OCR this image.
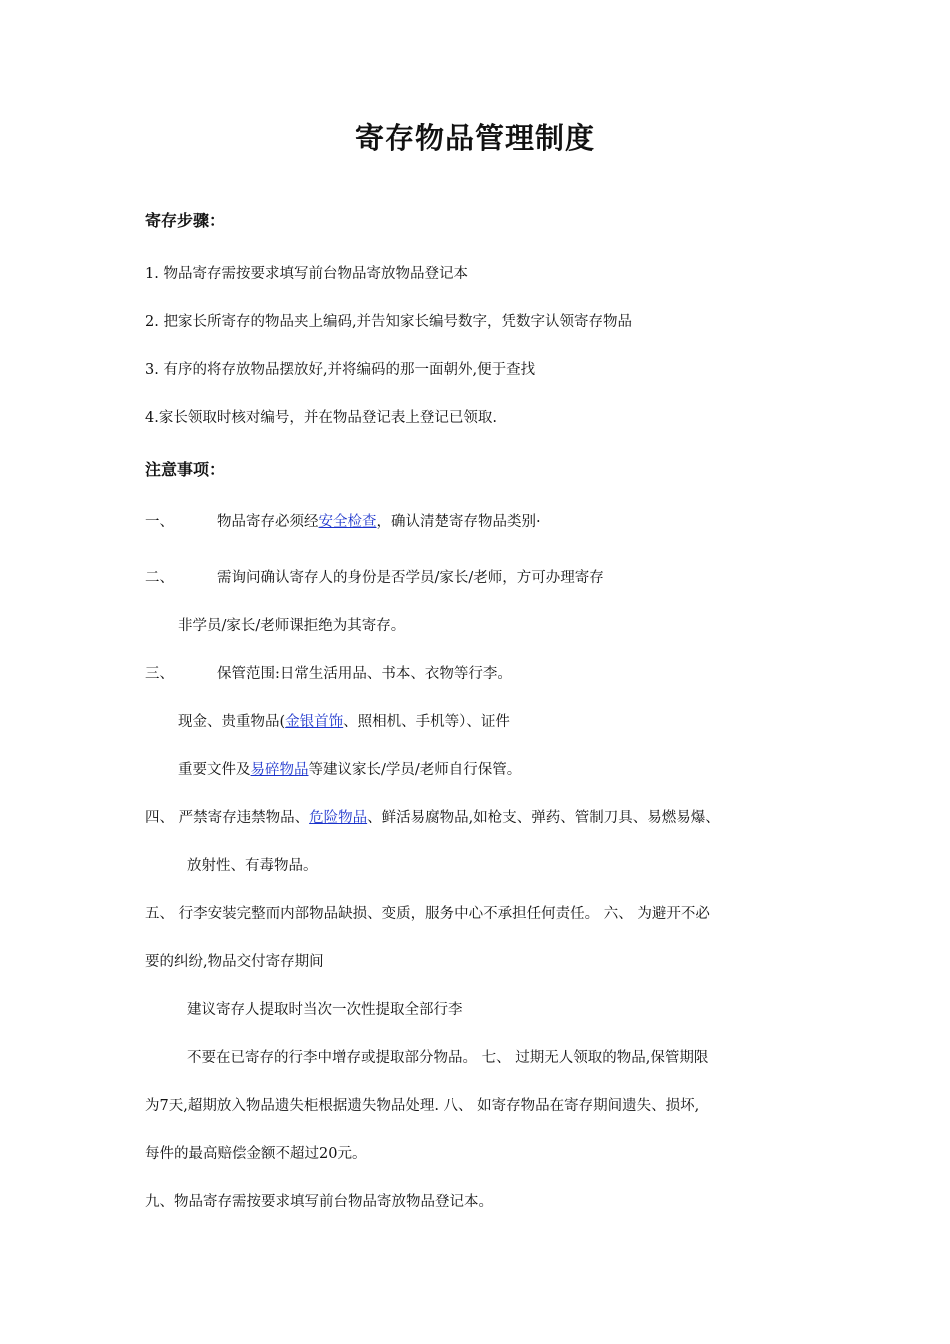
寄存物品管理制度
寄存步骤：

1. 物品寄存需按要求填写前台物品寄放物品登记本

2. 把家长所寄存的物品夹上编码,并告知家长编号数字，凭数字认领寄存物品

3. 有序的将存放物品摆放好,并将编码的那一面朝外,便于查找

4.家长领取时核对编号，并在物品登记表上登记已领取.

注意事项：

一、	物品寄存必须经 安全检查 ，确认清楚寄存物品类别 .

二、	需询问确认寄存人的身份是否学员/家长/老师，方可办理寄存

非学员/家长/老师课拒绝为其寄存。

三、	保管范围:日常生活用品、书本、衣物等行李。

现金、贵重物品(金银首饰、照相机、手机等）、证件

重要文件及易碎物品等建议家长/学员/老师自行保管。

四、 严禁寄存违禁物品、危险物品、鲜活易腐物品,如枪支、弹药、管制刀具、易燃易爆、

放射性、有毒物品。

五、 行李安装完整而内部物品缺损、变质，服务中心不承担任何责任。 六、 为避开不必

要的纠纷,物品交付寄存期间

建议寄存人提取时当次一次性提取全部行李

不要在已寄存的行李中增存或提取部分物品。 七、 过期无人领取的物品,保管期限

为7天,超期放入物品遗失柜根据遗失物品处理. 八、 如寄存物品在寄存期间遗失、损坏,

每件的最高赔偿金额不超过20元。

九、物品寄存需按要求填写前台物品寄放物品登记本。
